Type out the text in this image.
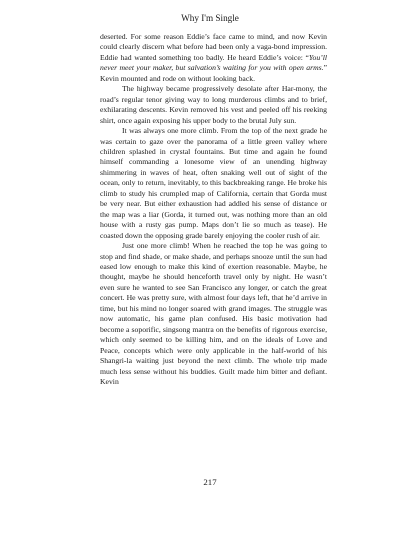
Why I'm Single

deserted. For some reason Eddie’s face came to mind, and now Kevin could clearly discern what before had been only a vaga-bond impression. Eddie had wanted something too badly. He heard Eddie’s voice: “You’ll never meet your maker, but salvation’s waiting for you with open arms.” Kevin mounted and rode on without looking back.

The highway became progressively desolate after Har-mony, the road’s regular tenor giving way to long murderous climbs and to brief, exhilarating descents. Kevin removed his vest and peeled off his reeking shirt, once again exposing his upper body to the brutal July sun.

It was always one more climb. From the top of the next grade he was certain to gaze over the panorama of a little green valley where children splashed in crystal fountains. But time and again he found himself commanding a lonesome view of an unending highway shimmering in waves of heat, often snaking well out of sight of the ocean, only to return, inevitably, to this backbreaking range. He broke his climb to study his crumpled map of California, certain that Gorda must be very near. But either exhaustion had addled his sense of distance or the map was a liar (Gorda, it turned out, was nothing more than an old house with a rusty gas pump. Maps don’t lie so much as tease). He coasted down the opposing grade barely enjoying the cooler rush of air.

Just one more climb! When he reached the top he was going to stop and find shade, or make shade, and perhaps snooze until the sun had eased low enough to make this kind of exertion reasonable. Maybe, he thought, maybe he should henceforth travel only by night. He wasn’t even sure he wanted to see San Francisco any longer, or catch the great concert. He was pretty sure, with almost four days left, that he’d arrive in time, but his mind no longer soared with grand images. The struggle was now automatic, his game plan confused. His basic motivation had become a soporific, singsong mantra on the benefits of rigorous exercise, which only seemed to be killing him, and on the ideals of Love and Peace, concepts which were only applicable in the half-world of his Shangri-la waiting just beyond the next climb. The whole trip made much less sense without his buddies. Guilt made him bitter and defiant. Kevin

217
